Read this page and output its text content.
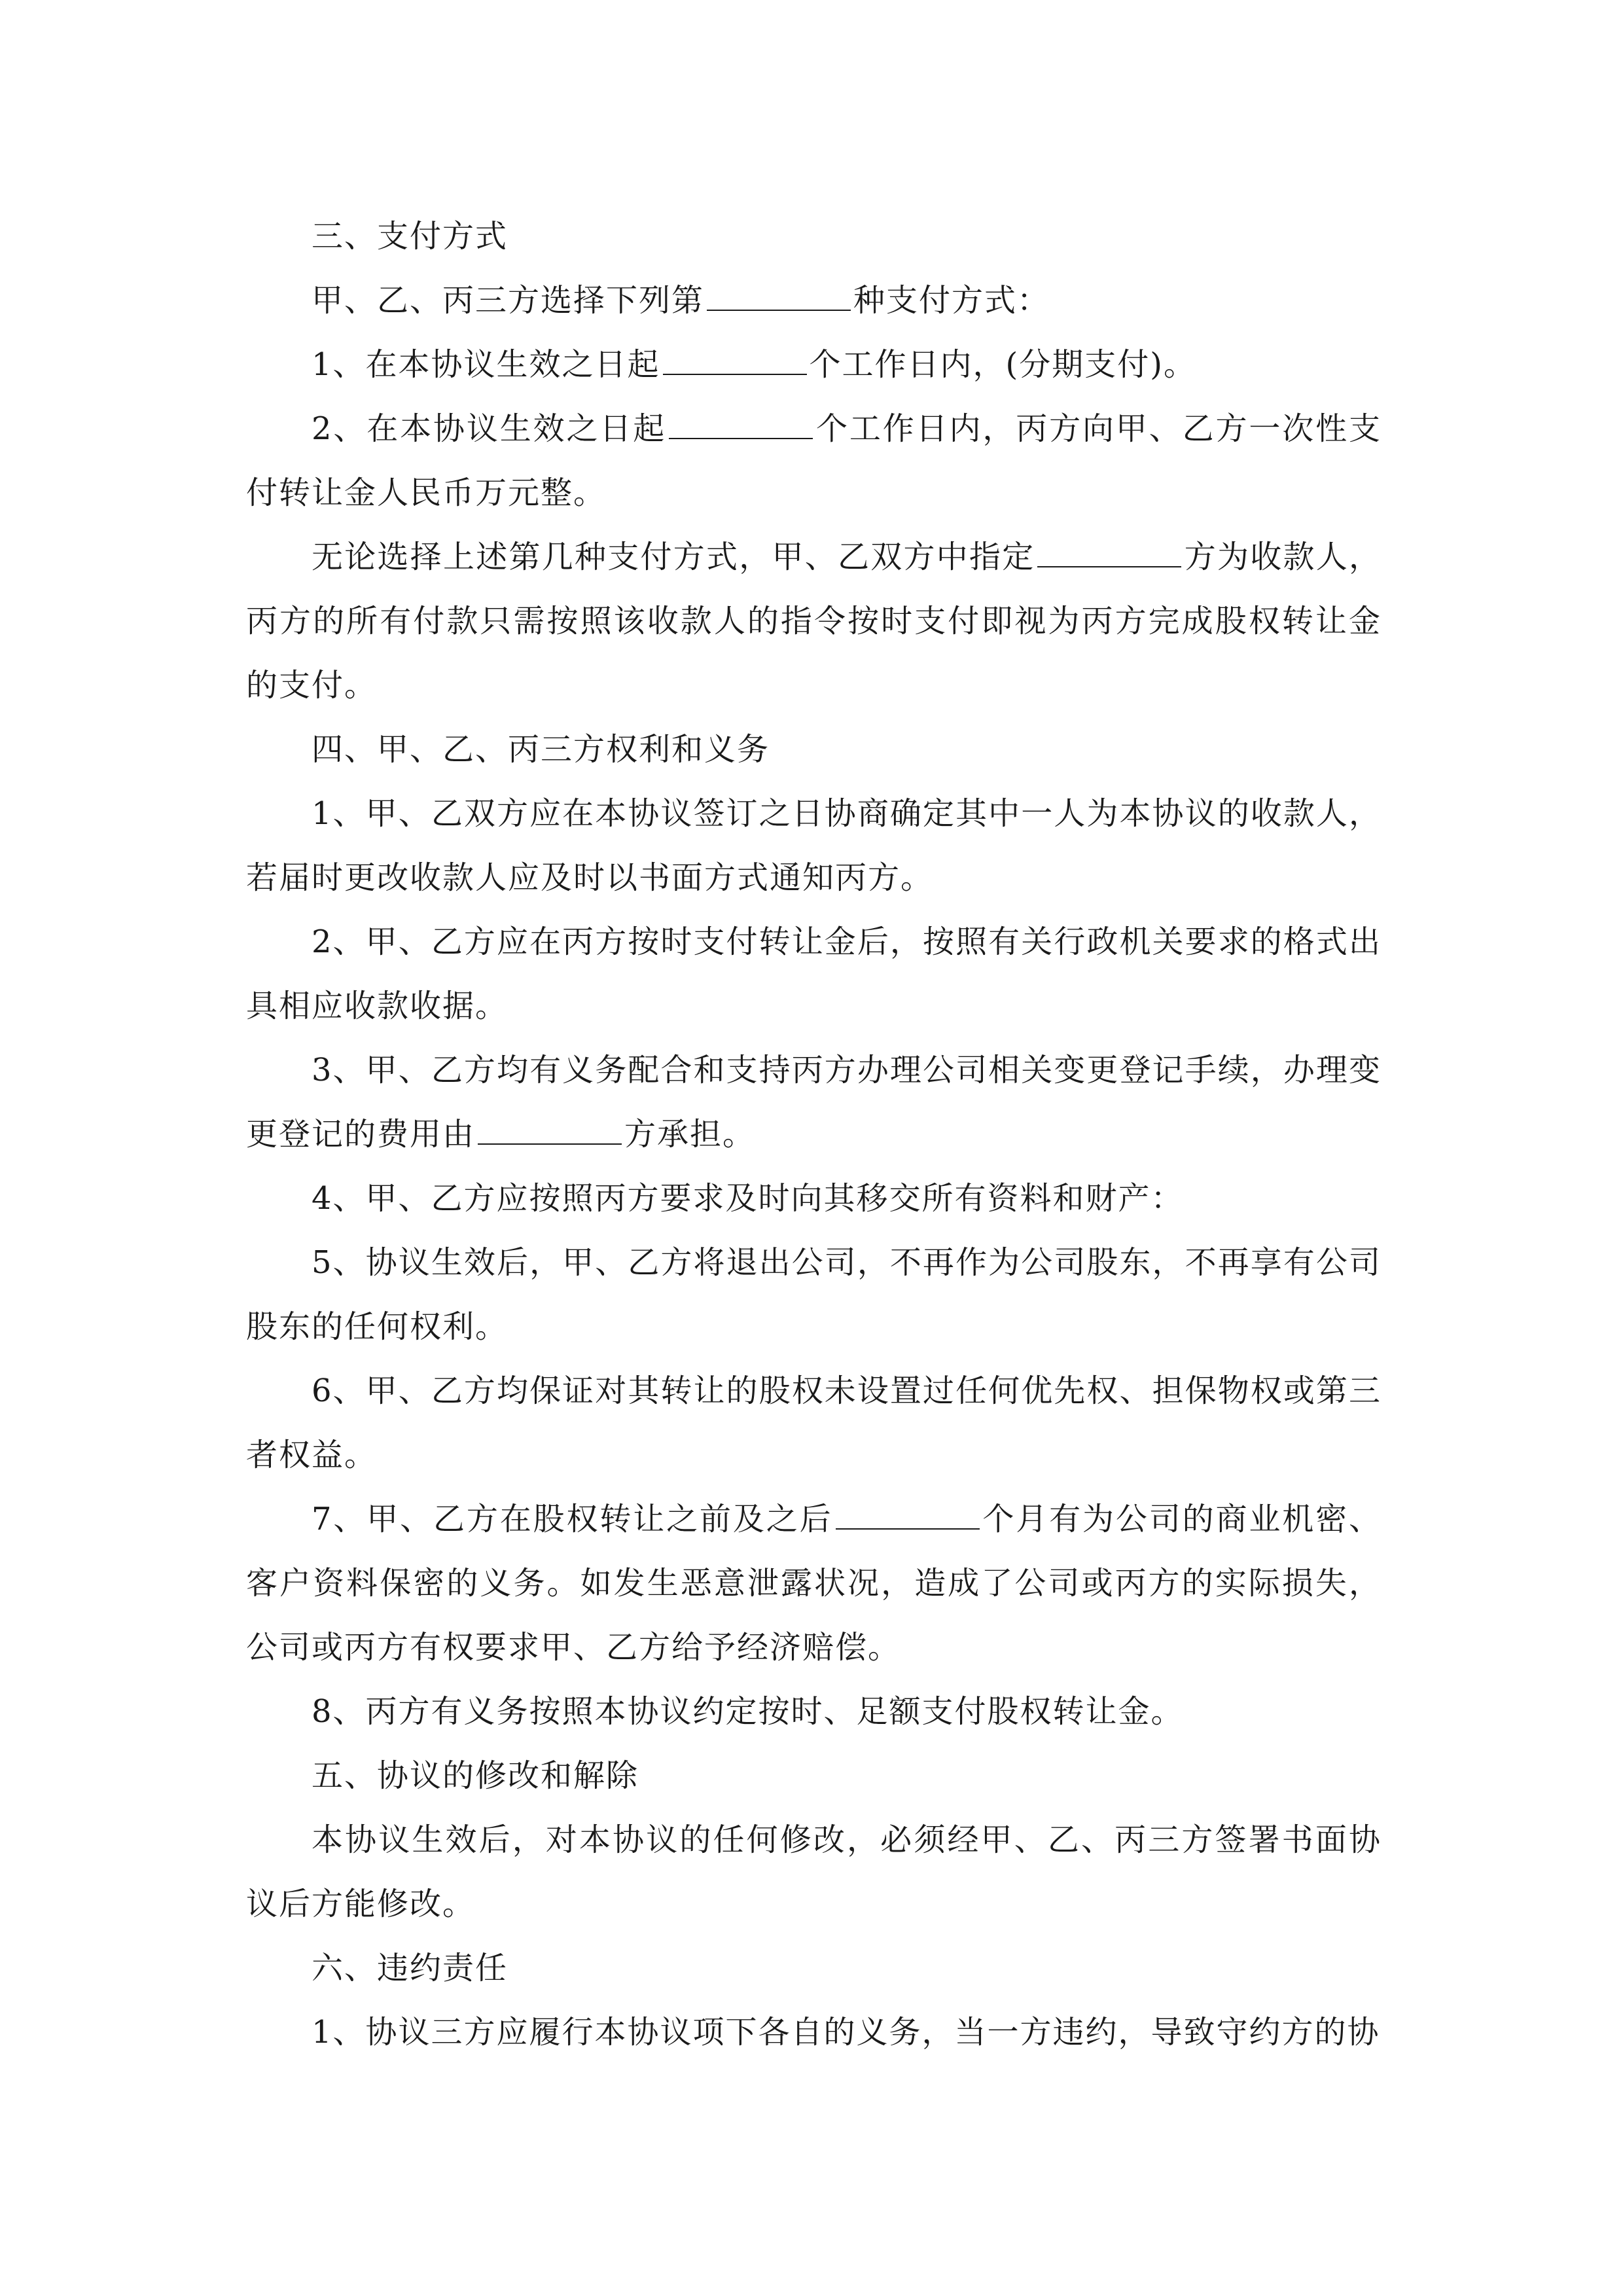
三、支付方式

甲、乙、丙三方选择下列第	种支付方式：

1、在本协议生效之日起	个工作日内，(分期支付)。

2、在本协议生效之日起	个工作日内，丙方向甲、乙方一次性支付转让金人民币万元整。

无论选择上述第几种支付方式，甲、乙双方中指定	方为收款人，丙方的所有付款只需按照该收款人的指令按时支付即视为丙方完成股权转让金的支付。

四、甲、乙、丙三方权利和义务

1、甲、乙双方应在本协议签订之日协商确定其中一人为本协议的收款人，若届时更改收款人应及时以书面方式通知丙方。

2、甲、乙方应在丙方按时支付转让金后，按照有关行政机关要求的格式出具相应收款收据。

3、甲、乙方均有义务配合和支持丙方办理公司相关变更登记手续，办理变更登记的费用由	方承担。

4、甲、乙方应按照丙方要求及时向其移交所有资料和财产：

5、协议生效后，甲、乙方将退出公司，不再作为公司股东，不再享有公司股东的任何权利。

6、甲、乙方均保证对其转让的股权未设置过任何优先权、担保物权或第三者权益。

7、甲、乙方在股权转让之前及之后	个月有为公司的商业机密、客户资料保密的义务。如发生恶意泄露状况，造成了公司或丙方的实际损失，公司或丙方有权要求甲、乙方给予经济赔偿。

8、丙方有义务按照本协议约定按时、足额支付股权转让金。

五、协议的修改和解除

本协议生效后，对本协议的任何修改，必须经甲、乙、丙三方签署书面协议后方能修改。

六、违约责任

1、协议三方应履行本协议项下各自的义务，当一方违约，导致守约方的协
